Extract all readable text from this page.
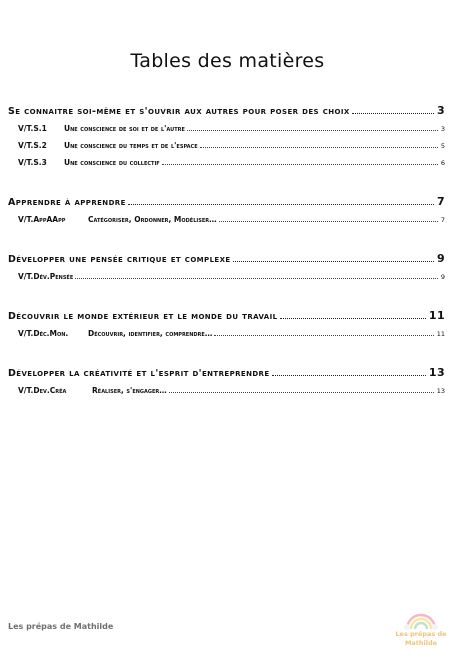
Tables des matières
Se connaitre soi-même et s'ouvrir aux autres pour poser des choix	3
V/T.S.1	Une conscience de soi et de l'autre	3
V/T.S.2	Une conscience du temps et de l'espace	5
V/T.S.3	Une conscience du collectif	6
Apprendre à apprendre	7
V/T.AppAApp	Catégoriser, Ordonner, Modéliser…	7
Développer une pensée critique et complexe	9
V/T.Dév.Pensée	9
Découvrir le monde extérieur et le monde du travail	11
V/T.Déc.Mon.	Découvrir, identifier, comprendre…	11
Développer la créativité et l'esprit d'entreprendre	13
V/T.Dev.Créa	Réaliser, s'engager…	13
Les prépas de Mathilde
Les prépas de
Mathilde
